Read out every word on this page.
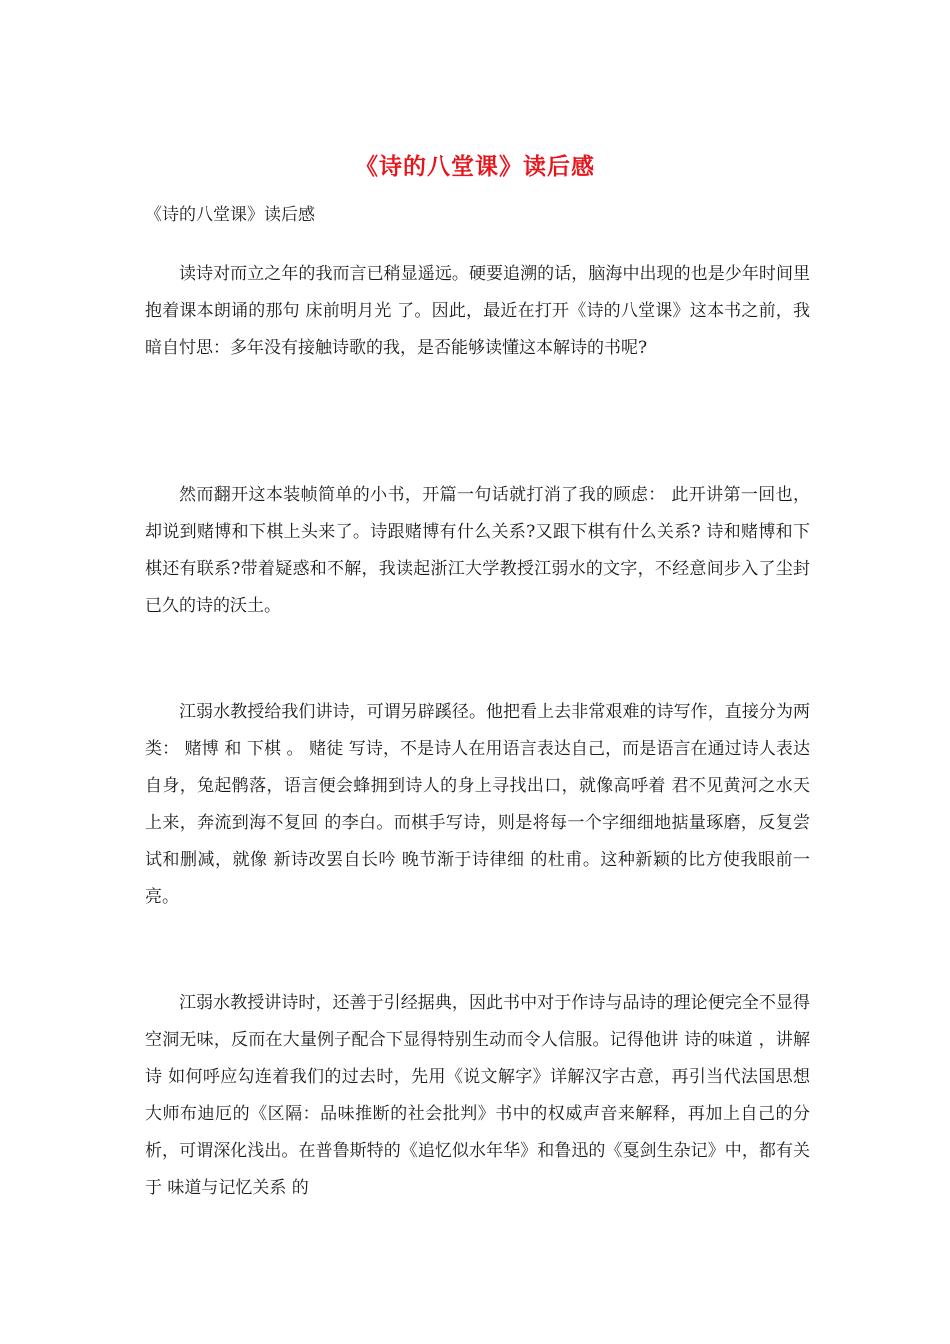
《诗的八堂课》读后感
《诗的八堂课》读后感

读诗对而立之年的我而言已稍显遥远。硬要追溯的话，脑海中出现的也是少年时间里抱着课本朗诵的那句 床前明月光 了。因此，最近在打开《诗的八堂课》这本书之前，我暗自忖思：多年没有接触诗歌的我，是否能够读懂这本解诗的书呢?

然而翻开这本装帧简单的小书，开篇一句话就打消了我的顾虑： 此开讲第一回也，却说到赌博和下棋上头来了。诗跟赌博有什么关系?又跟下棋有什么关系? 诗和赌博和下棋还有联系?带着疑惑和不解，我读起浙江大学教授江弱水的文字，不经意间步入了尘封已久的诗的沃土。

江弱水教授给我们讲诗，可谓另辟蹊径。他把看上去非常艰难的诗写作，直接分为两类： 赌博 和 下棋 。 赌徒 写诗，不是诗人在用语言表达自己，而是语言在通过诗人表达自身，兔起鹘落，语言便会蜂拥到诗人的身上寻找出口，就像高呼着 君不见黄河之水天上来，奔流到海不复回 的李白。而棋手写诗，则是将每一个字细细地掂量琢磨，反复尝试和删减，就像 新诗改罢自长吟 晚节渐于诗律细 的杜甫。这种新颖的比方使我眼前一亮。

江弱水教授讲诗时，还善于引经据典，因此书中对于作诗与品诗的理论便完全不显得空洞无味，反而在大量例子配合下显得特别生动而令人信服。记得他讲 诗的味道 ，讲解 诗 如何呼应勾连着我们的过去时，先用《说文解字》详解汉字古意，再引当代法国思想大师布迪厄的《区隔：品味推断的社会批判》书中的权威声音来解释，再加上自己的分析，可谓深化浅出。在普鲁斯特的《追忆似水年华》和鲁迅的《戛剑生杂记》中，都有关于 味道与记忆关系 的
